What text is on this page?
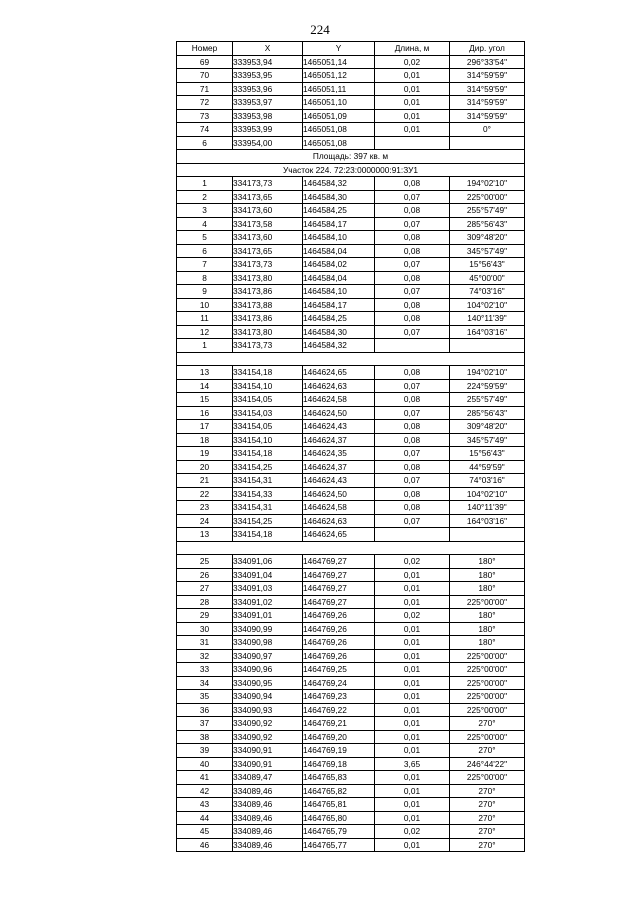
224
Номер	X	Y	Длина, м	Дир. угол
69	333953,94	1465051,14	0,02	296°33'54"
70	333953,95	1465051,12	0,01	314°59'59"
71	333953,96	1465051,11	0,01	314°59'59"
72	333953,97	1465051,10	0,01	314°59'59"
73	333953,98	1465051,09	0,01	314°59'59"
74	333953,99	1465051,08	0,01	0°
6	333954,00	1465051,08		
Площадь: 397 кв. м				
Участок 224. 72:23:0000000:91:ЗУ1				
1	334173,73	1464584,32	0,08	194°02'10"
2	334173,65	1464584,30	0,07	225°00'00"
3	334173,60	1464584,25	0,08	255°57'49"
4	334173,58	1464584,17	0,07	285°56'43"
5	334173,60	1464584,10	0,08	309°48'20"
6	334173,65	1464584,04	0,08	345°57'49"
7	334173,73	1464584,02	0,07	15°56'43"
8	334173,80	1464584,04	0,08	45°00'00"
9	334173,86	1464584,10	0,07	74°03'16"
10	334173,88	1464584,17	0,08	104°02'10"
11	334173,86	1464584,25	0,08	140°11'39"
12	334173,80	1464584,30	0,07	164°03'16"
1	334173,73	1464584,32		

13	334154,18	1464624,65	0,08	194°02'10"
14	334154,10	1464624,63	0,07	224°59'59"
15	334154,05	1464624,58	0,08	255°57'49"
16	334154,03	1464624,50	0,07	285°56'43"
17	334154,05	1464624,43	0,08	309°48'20"
18	334154,10	1464624,37	0,08	345°57'49"
19	334154,18	1464624,35	0,07	15°56'43"
20	334154,25	1464624,37	0,08	44°59'59"
21	334154,31	1464624,43	0,07	74°03'16"
22	334154,33	1464624,50	0,08	104°02'10"
23	334154,31	1464624,58	0,08	140°11'39"
24	334154,25	1464624,63	0,07	164°03'16"
13	334154,18	1464624,65		

25	334091,06	1464769,27	0,02	180°
26	334091,04	1464769,27	0,01	180°
27	334091,03	1464769,27	0,01	180°
28	334091,02	1464769,27	0,01	225°00'00"
29	334091,01	1464769,26	0,02	180°
30	334090,99	1464769,26	0,01	180°
31	334090,98	1464769,26	0,01	180°
32	334090,97	1464769,26	0,01	225°00'00"
33	334090,96	1464769,25	0,01	225°00'00"
34	334090,95	1464769,24	0,01	225°00'00"
35	334090,94	1464769,23	0,01	225°00'00"
36	334090,93	1464769,22	0,01	225°00'00"
37	334090,92	1464769,21	0,01	270°
38	334090,92	1464769,20	0,01	225°00'00"
39	334090,91	1464769,19	0,01	270°
40	334090,91	1464769,18	3,65	246°44'22"
41	334089,47	1464765,83	0,01	225°00'00"
42	334089,46	1464765,82	0,01	270°
43	334089,46	1464765,81	0,01	270°
44	334089,46	1464765,80	0,01	270°
45	334089,46	1464765,79	0,02	270°
46	334089,46	1464765,77	0,01	270°
